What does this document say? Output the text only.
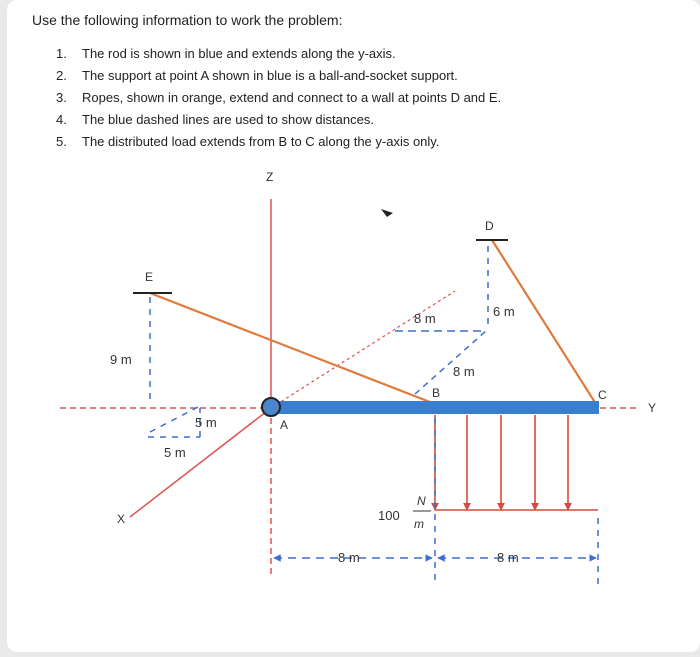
Use the following information to work the problem:
1. The rod is shown in blue and extends along the y-axis.
2. The support at point A shown in blue is a ball-and-socket support.
3. Ropes, shown in orange, extend and connect to a wall at points D and E.
4. The blue dashed lines are used to show distances.
5. The distributed load extends from B to C along the y-axis only.
Z
Y
X
A
B	C
D
E
9 m
5 m
5 m
8 m
8 m
6 m
8 m	8 m
100
N
m
